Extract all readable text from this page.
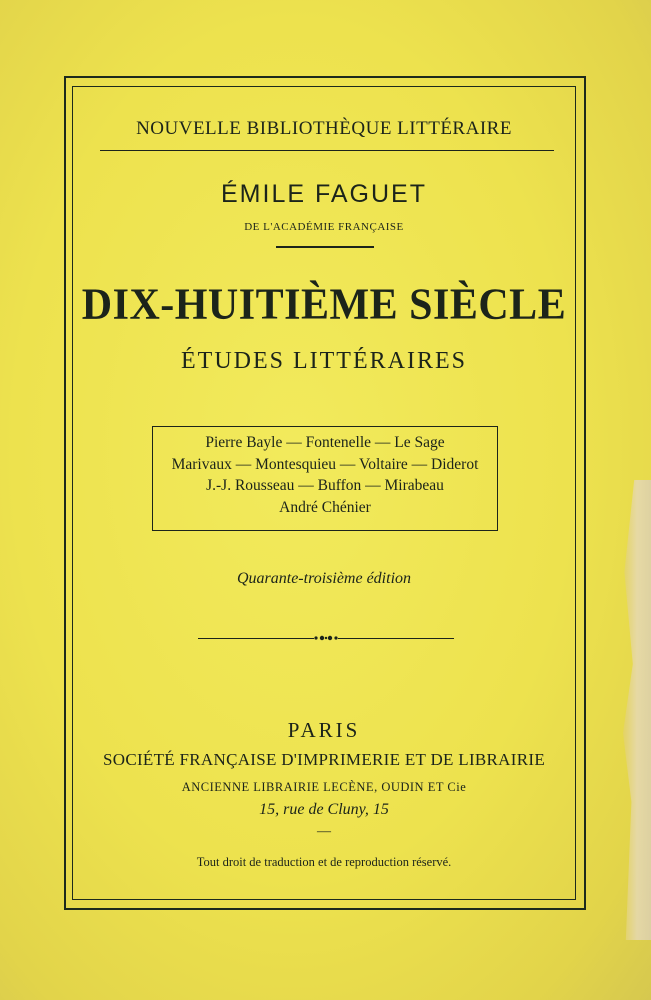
NOUVELLE BIBLIOTHÈQUE LITTÉRAIRE
ÉMILE FAGUET
DE L'ACADÉMIE FRANÇAISE
DIX-HUITIÈME SIÈCLE
ÉTUDES LITTÉRAIRES
Pierre Bayle — Fontenelle — Le Sage
Marivaux — Montesquieu — Voltaire — Diderot
J.-J. Rousseau — Buffon — Mirabeau
André Chénier
Quarante-troisième édition
PARIS
SOCIÉTÉ FRANÇAISE D'IMPRIMERIE ET DE LIBRAIRIE
ANCIENNE LIBRAIRIE LECÈNE, OUDIN ET Cie
15, rue de Cluny, 15
—
Tout droit de traduction et de reproduction réservé.
